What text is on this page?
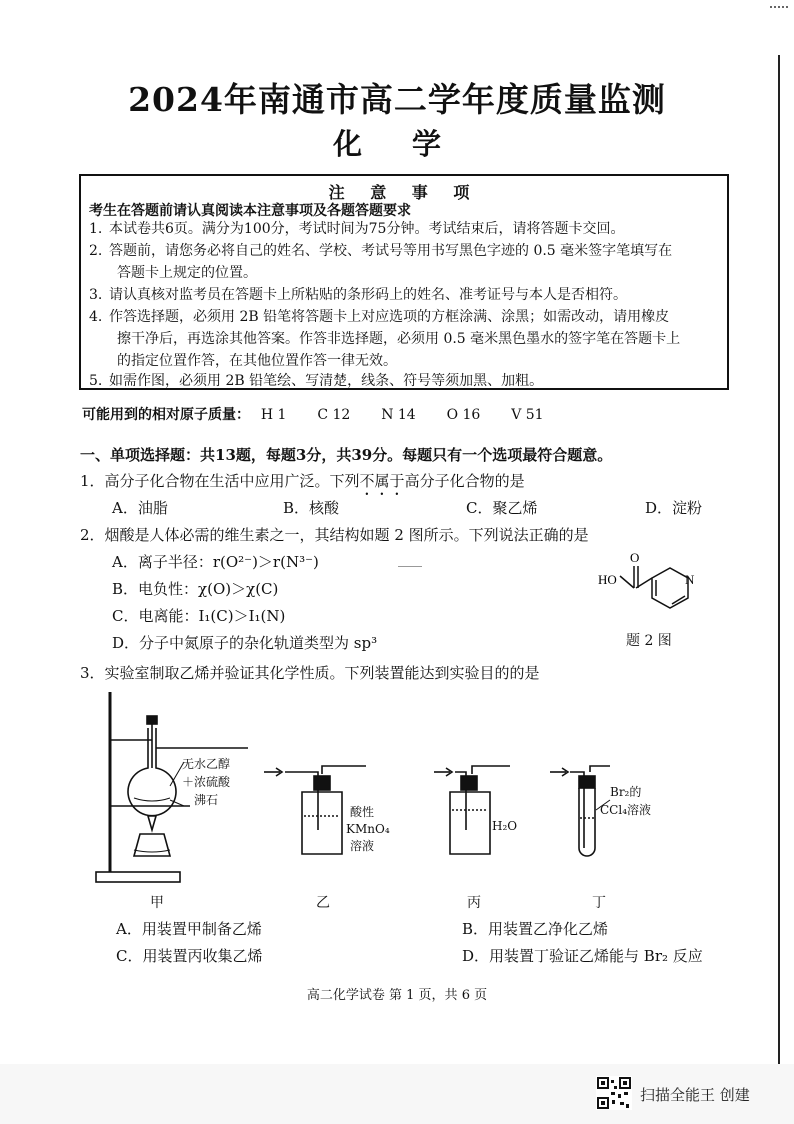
2024年南通市高二学年度质量监测
化 学
注 意 事 项
考生在答题前请认真阅读本注意事项及各题答题要求
1. 本试卷共6页。满分为100分，考试时间为75分钟。考试结束后，请将答题卡交回。
2. 答题前，请您务必将自己的姓名、学校、考试号等用书写黑色字迹的 0.5 毫米签字笔填写在
答题卡上规定的位置。
3. 请认真核对监考员在答题卡上所粘贴的条形码上的姓名、准考证号与本人是否相符。
4. 作答选择题，必须用 2B 铅笔将答题卡上对应选项的方框涂满、涂黑；如需改动，请用橡皮
擦干净后，再选涂其他答案。作答非选择题，必须用 0.5 毫米黑色墨水的签字笔在答题卡上
的指定位置作答，在其他位置作答一律无效。
5. 如需作图，必须用 2B 铅笔绘、写清楚，线条、符号等须加黑、加粗。
可能用到的相对原子质量： H 1 C 12 N 14 O 16 V 51
一、单项选择题：共13题，每题3分，共39分。每题只有一个选项最符合题意。
1．高分子化合物在生活中应用广泛。下列不属于高分子化合物的是
A．油脂	B．核酸	C．聚乙烯	D．淀粉
2．烟酸是人体必需的维生素之一，其结构如题 2 图所示。下列说法正确的是
A．离子半径：r(O²⁻)＞r(N³⁻)
B．电负性：χ(O)＞χ(C)
C．电离能：I₁(C)＞I₁(N)
D．分子中氮原子的杂化轨道类型为 sp³
HO
O
N
题 2 图
3．实验室制取乙烯并验证其化学性质。下列装置能达到实验目的的是
无水乙醇
＋浓硫酸
沸石
酸性
KMnO₄
溶液
H₂O
Br₂的
CCl₄溶液
甲	乙	丙	丁
A．用装置甲制备乙烯	B．用装置乙净化乙烯
C．用装置丙收集乙烯	D．用装置丁验证乙烯能与 Br₂ 反应
高二化学试卷 第 1 页，共 6 页
扫描全能王 创建
